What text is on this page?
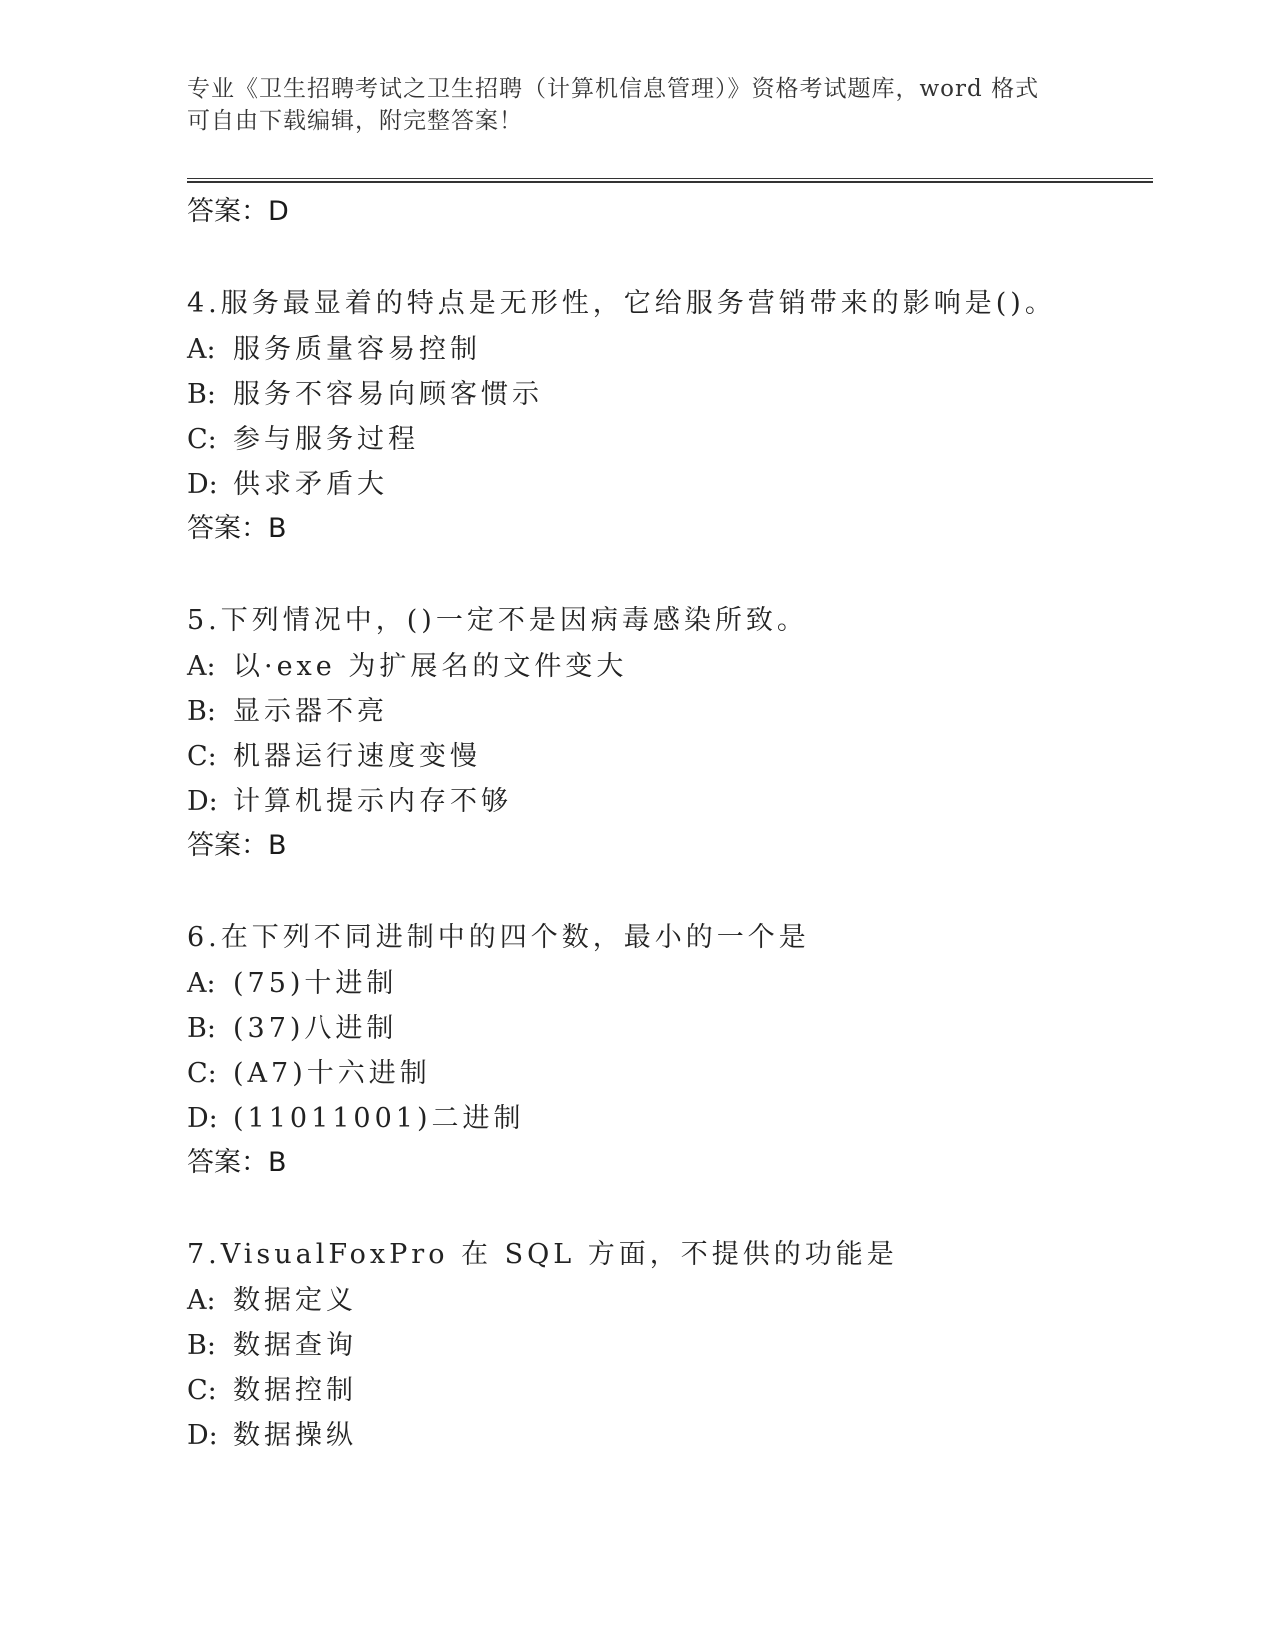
专业《卫生招聘考试之卫生招聘（计算机信息管理）》资格考试题库，word 格式
可自由下载编辑，附完整答案！
答案：D
4.服务最显着的特点是无形性，它给服务营销带来的影响是()。
A: 服务质量容易控制
B: 服务不容易向顾客惯示
C: 参与服务过程
D: 供求矛盾大
答案：B
5.下列情况中，()一定不是因病毒感染所致。
A: 以·exe 为扩展名的文件变大
B: 显示器不亮
C: 机器运行速度变慢
D: 计算机提示内存不够
答案：B
6.在下列不同进制中的四个数，最小的一个是
A: (75)十进制
B: (37)八进制
C: (A7)十六进制
D: (11011001)二进制
答案：B
7.VisualFoxPro 在 SQL 方面，不提供的功能是
A: 数据定义
B: 数据查询
C: 数据控制
D: 数据操纵
